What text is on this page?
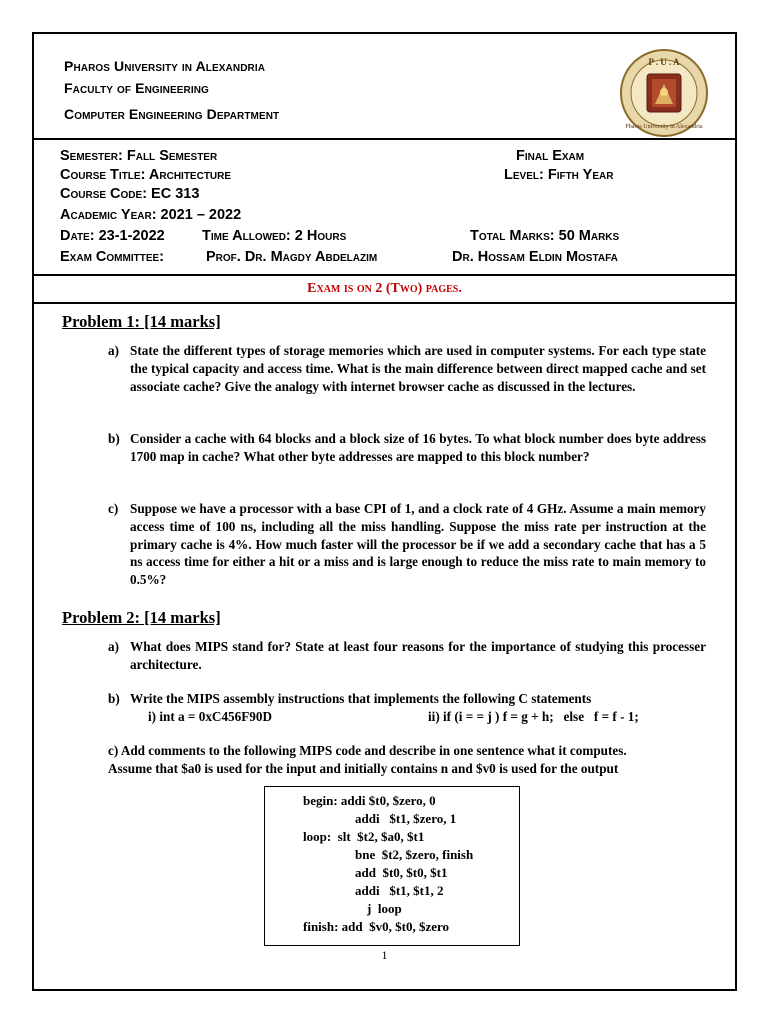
Pharos University in Alexandria
Faculty of Engineering
Computer Engineering Department
P . U . A
Pharos University in Alexandria
Semester: Fall Semester	Final Exam
Course Title: Architecture	Level: Fifth Year
Course Code: EC 313
Academic Year: 2021 – 2022
Date: 23-1-2022	Time Allowed: 2 Hours	Total Marks: 50 Marks
Exam Committee:	Prof. Dr. Magdy Abdelazim	Dr. Hossam Eldin Mostafa
Exam is on 2 (Two) pages.
Problem 1: [14 marks]
a) State the different types of storage memories which are used in computer systems. For each type state the typical capacity and access time. What is the main difference between direct mapped cache and set associate cache? Give the analogy with internet browser cache as discussed in the lectures.
b) Consider a cache with 64 blocks and a block size of 16 bytes. To what block number does byte address 1700 map in cache? What other byte addresses are mapped to this block number?
c) Suppose we have a processor with a base CPI of 1, and a clock rate of 4 GHz. Assume a main memory access time of 100 ns, including all the miss handling. Suppose the miss rate per instruction at the primary cache is 4%. How much faster will the processor be if we add a secondary cache that has a 5 ns access time for either a hit or a miss and is large enough to reduce the miss rate to main memory to 0.5%?
Problem 2: [14 marks]
a) What does MIPS stand for? State at least four reasons for the importance of studying this processer architecture.
b) Write the MIPS assembly instructions that implements the following C statements
i) int a = 0xC456F90D	ii) if (i = = j ) f = g + h;   else   f = f - 1;
c) Add comments to the following MIPS code and describe in one sentence what it computes.
Assume that $a0 is used for the input and initially contains n and $v0 is used for the output
begin: addi $t0, $zero, 0
addi   $t1, $zero, 1
loop:  slt  $t2, $a0, $t1
bne  $t2, $zero, finish
add  $t0, $t0, $t1
addi   $t1, $t1, 2
j  loop
finish: add  $v0, $t0, $zero
1
